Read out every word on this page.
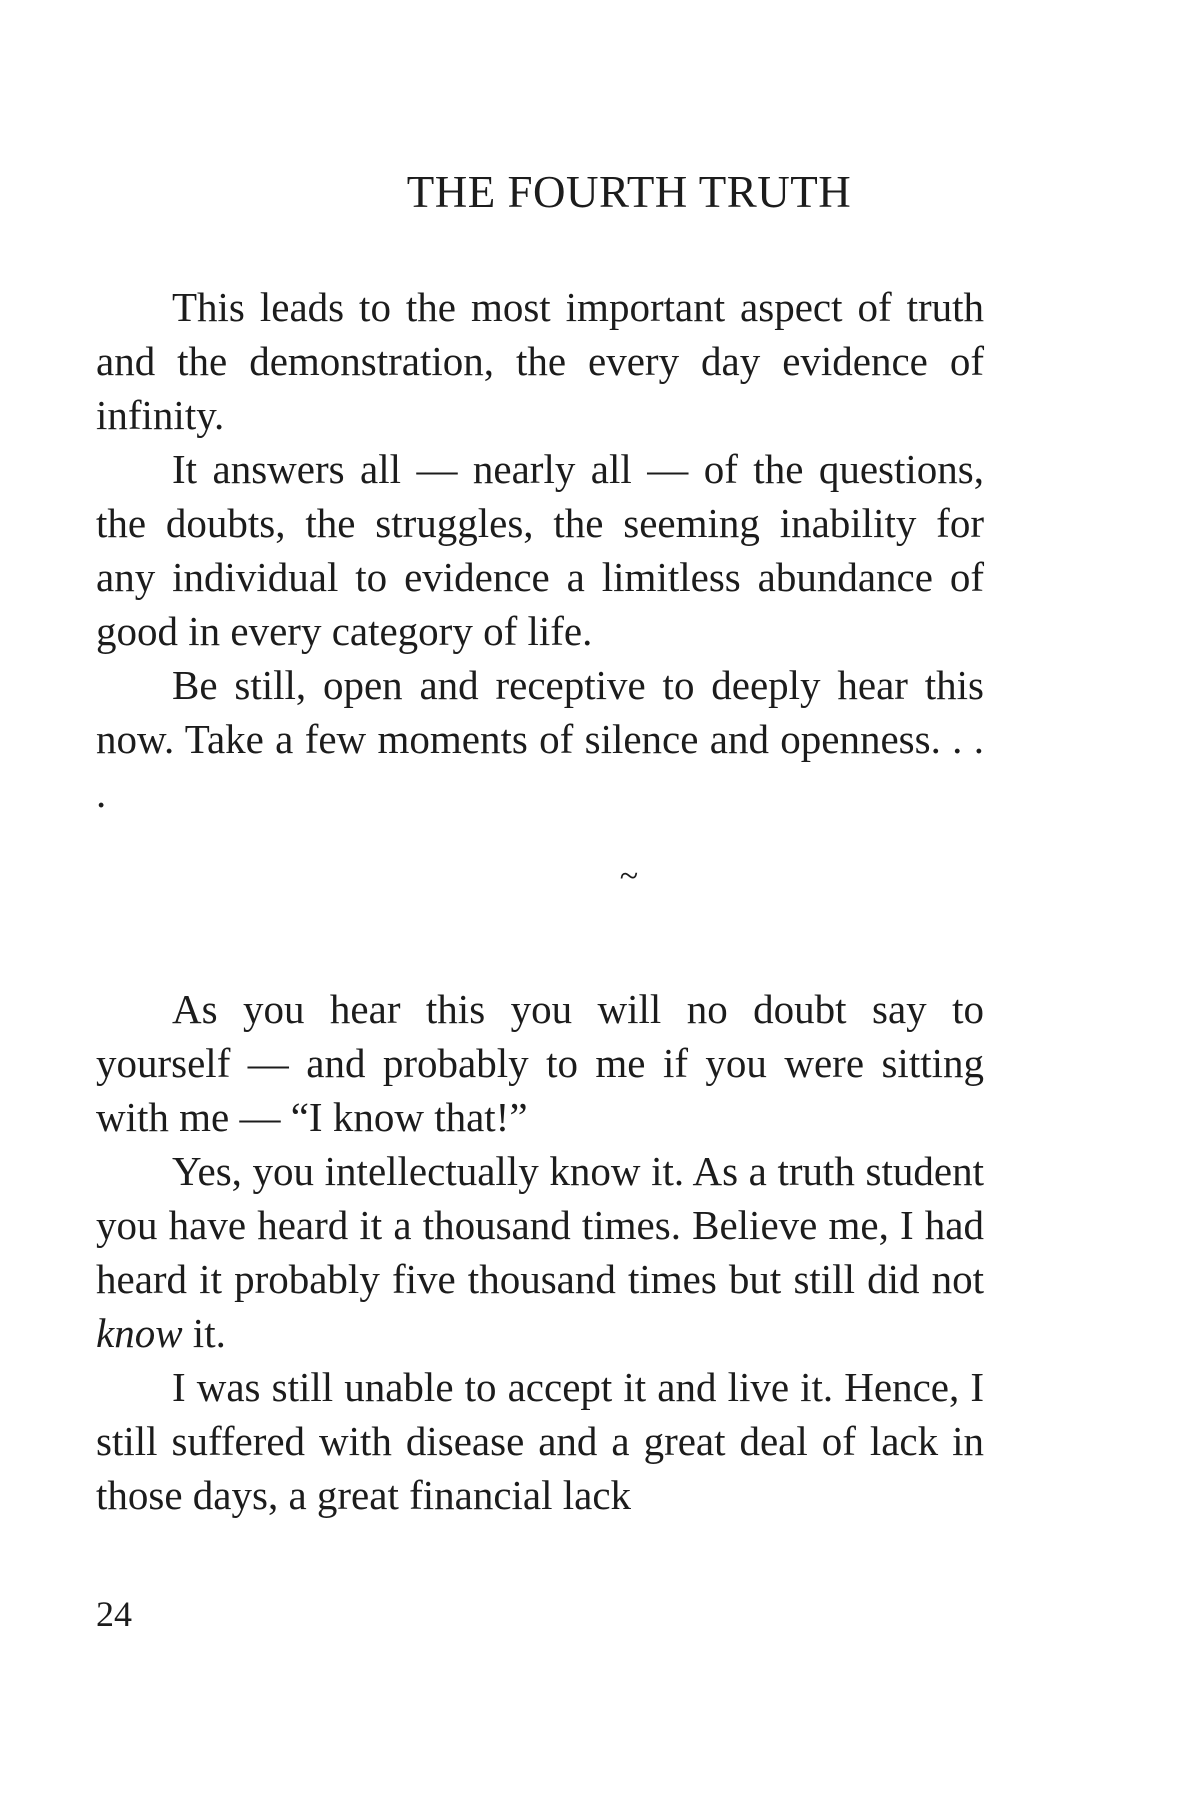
THE FOURTH TRUTH

This leads to the most important aspect of truth and the demonstration, the every day evidence of infinity.

It answers all — nearly all — of the questions, the doubts, the struggles, the seeming inability for any individual to evidence a limitless abundance of good in every category of life.

Be still, open and receptive to deeply hear this now. Take a few moments of silence and openness. . . .

~

As you hear this you will no doubt say to yourself — and probably to me if you were sitting with me — “I know that!”

Yes, you intellectually know it. As a truth student you have heard it a thousand times. Believe me, I had heard it probably five thousand times but still did not know it.

I was still unable to accept it and live it. Hence, I still suffered with disease and a great deal of lack in those days, a great financial lack

24
